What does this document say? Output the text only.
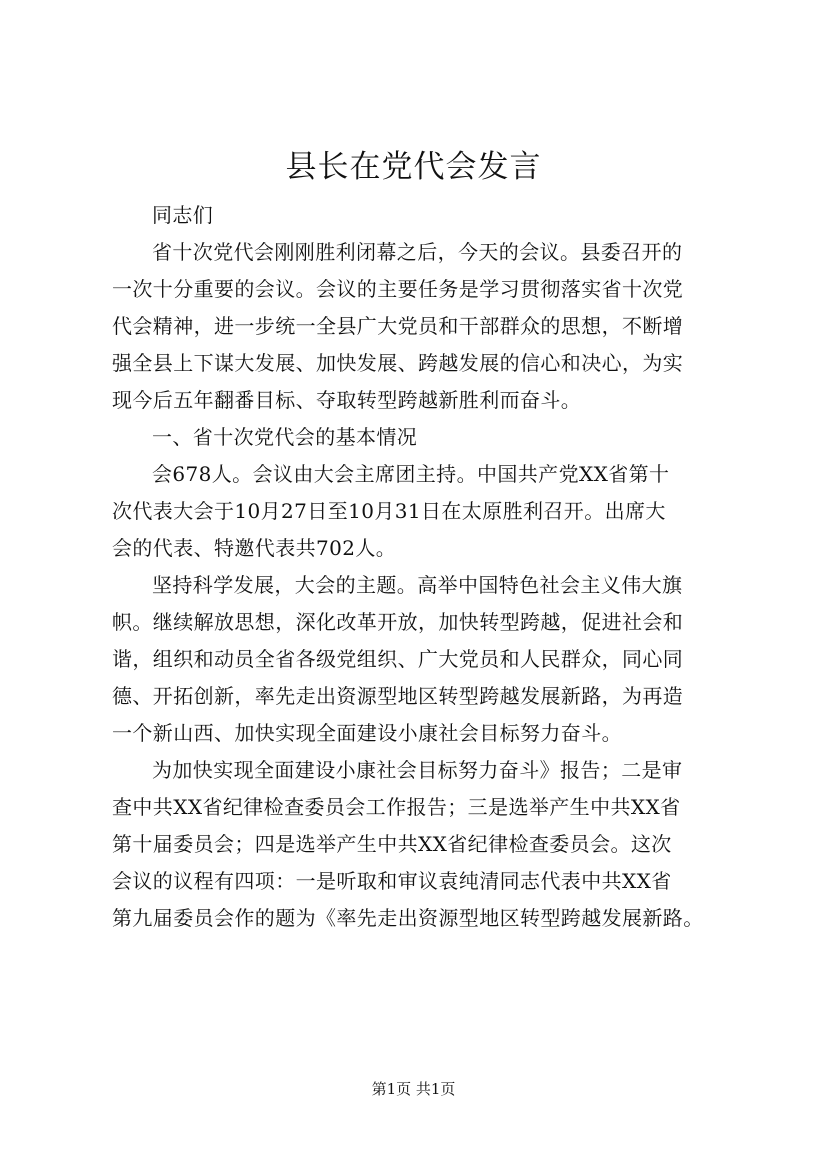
县长在党代会发言
同志们
省十次党代会刚刚胜利闭幕之后，今天的会议。县委召开的
一次十分重要的会议。会议的主要任务是学习贯彻落实省十次党
代会精神，进一步统一全县广大党员和干部群众的思想，不断增
强全县上下谋大发展、加快发展、跨越发展的信心和决心，为实
现今后五年翻番目标、夺取转型跨越新胜利而奋斗。
一、省十次党代会的基本情况
会678人。会议由大会主席团主持。中国共产党XX省第十
次代表大会于10月27日至10月31日在太原胜利召开。出席大
会的代表、特邀代表共702人。
坚持科学发展，大会的主题。高举中国特色社会主义伟大旗
帜。继续解放思想，深化改革开放，加快转型跨越，促进社会和
谐，组织和动员全省各级党组织、广大党员和人民群众，同心同
德、开拓创新，率先走出资源型地区转型跨越发展新路，为再造
一个新山西、加快实现全面建设小康社会目标努力奋斗。
为加快实现全面建设小康社会目标努力奋斗》报告；二是审
查中共XX省纪律检查委员会工作报告；三是选举产生中共XX省
第十届委员会；四是选举产生中共XX省纪律检查委员会。这次
会议的议程有四项：一是听取和审议袁纯清同志代表中共XX省
第九届委员会作的题为《率先走出资源型地区转型跨越发展新路。
第1页 共1页
